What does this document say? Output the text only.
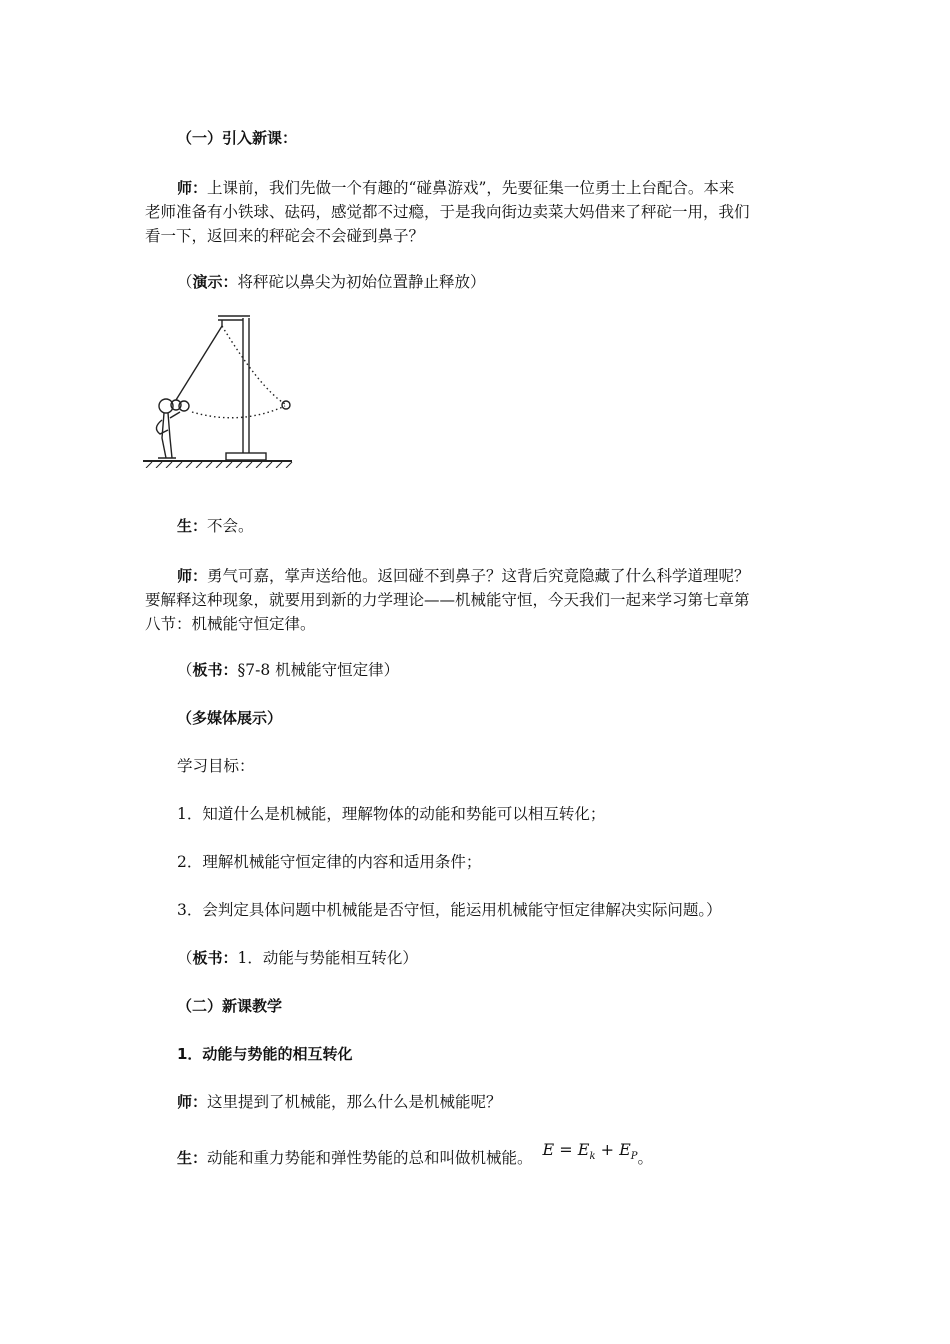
（一）引入新课：
师：上课前，我们先做一个有趣的“碰鼻游戏”，先要征集一位勇士上台配合。本来
老师准备有小铁球、砝码，感觉都不过瘾，于是我向街边卖菜大妈借来了秤砣一用，我们
看一下，返回来的秤砣会不会碰到鼻子？
（演示：将秤砣以鼻尖为初始位置静止释放）
生：不会。
师：勇气可嘉，掌声送给他。返回碰不到鼻子？这背后究竟隐藏了什么科学道理呢？
要解释这种现象，就要用到新的力学理论——机械能守恒，今天我们一起来学习第七章第
八节：机械能守恒定律。
（板书：§7-8 机械能守恒定律）
（多媒体展示）
学习目标：
1．知道什么是机械能，理解物体的动能和势能可以相互转化；
2．理解机械能守恒定律的内容和适用条件；
3．会判定具体问题中机械能是否守恒，能运用机械能守恒定律解决实际问题。）
（板书：1．动能与势能相互转化）
（二）新课教学
1．动能与势能的相互转化
师：这里提到了机械能，那么什么是机械能呢？
生：动能和重力势能和弹性势能的总和叫做机械能。 $E = E_k + E_P$。
